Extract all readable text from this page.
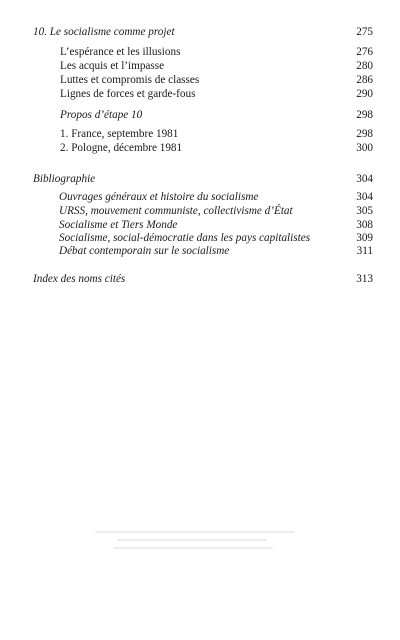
10. Le socialisme comme projet	275
L’espérance et les illusions	276
Les acquis et l’impasse	280
Luttes et compromis de classes	286
Lignes de forces et garde-fous	290
Propos d’étape 10	298
1. France, septembre 1981	298
2. Pologne, décembre 1981	300
Bibliographie	304
Ouvrages généraux et histoire du socialisme	304
URSS, mouvement communiste, collectivisme d’État	305
Socialisme et Tiers Monde	308
Socialisme, social-démocratie dans les pays capitalistes	309
Débat contemporain sur le socialisme	311
Index des noms cités	313
